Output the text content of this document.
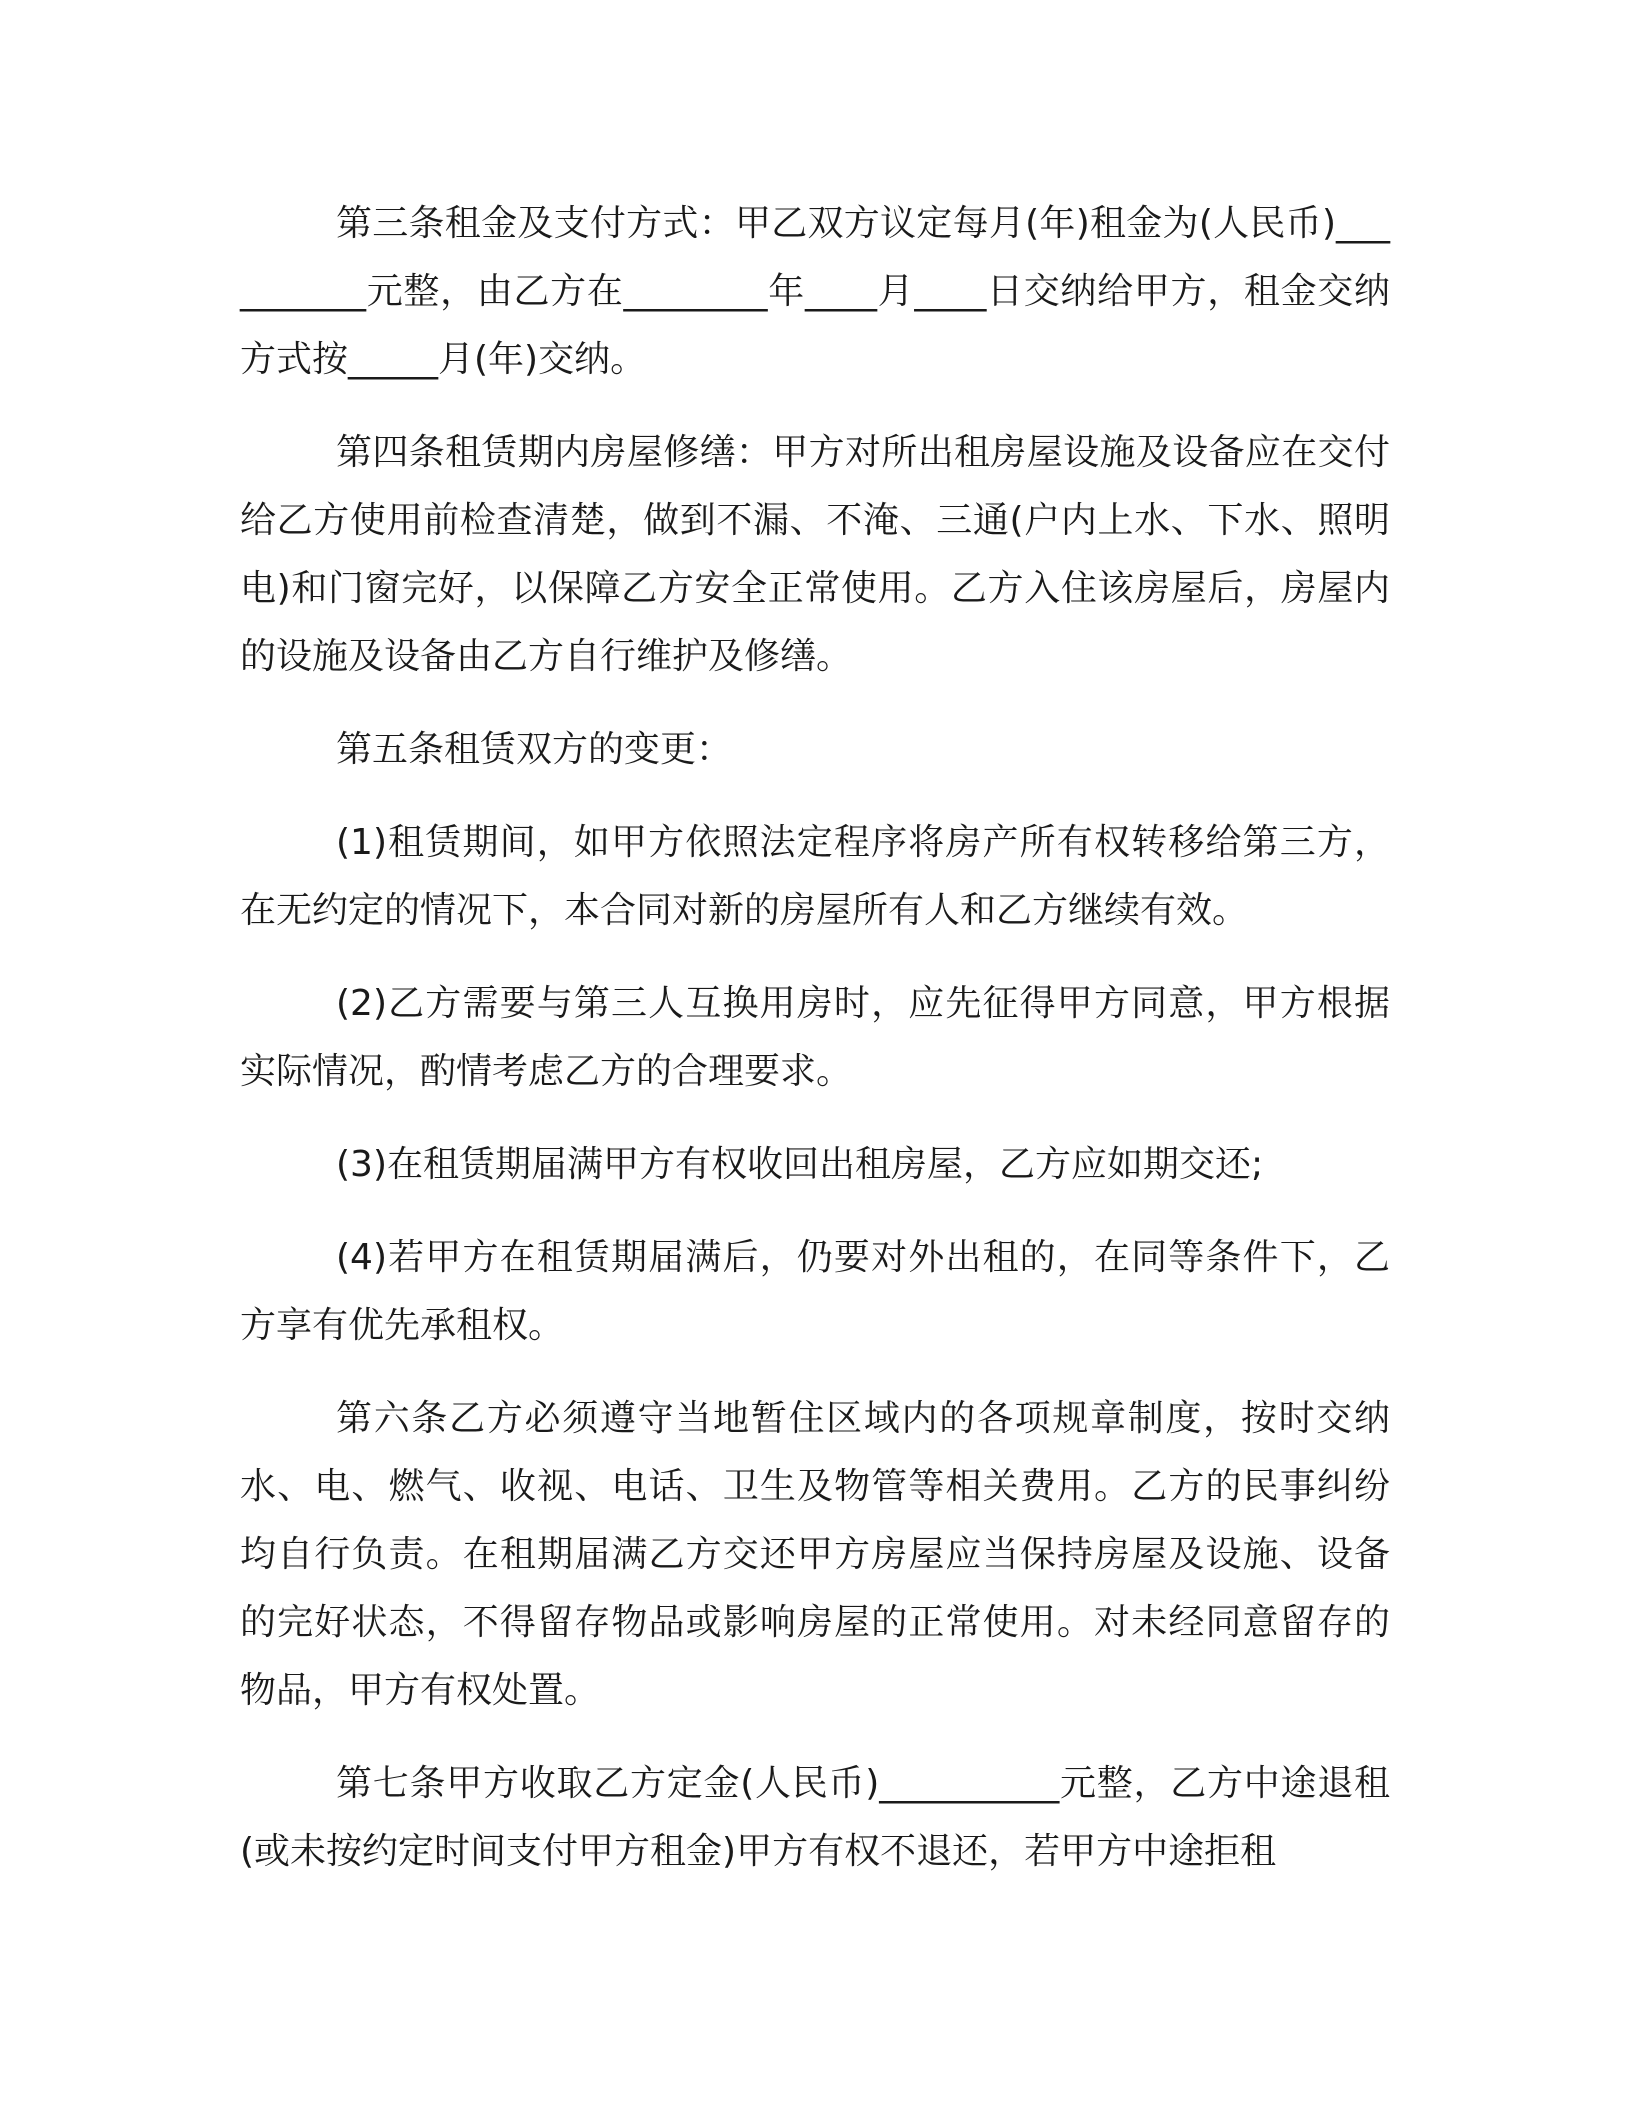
第三条租金及支付方式：甲乙双方议定每月(年)租金为(人民币)__________元整，由乙方在________年____月____日交纳给甲方，租金交纳方式按_____月(年)交纳。

第四条租赁期内房屋修缮：甲方对所出租房屋设施及设备应在交付给乙方使用前检查清楚，做到不漏、不淹、三通(户内上水、下水、照明电)和门窗完好，以保障乙方安全正常使用。乙方入住该房屋后，房屋内的设施及设备由乙方自行维护及修缮。

第五条租赁双方的变更：

(1)租赁期间，如甲方依照法定程序将房产所有权转移给第三方，在无约定的情况下，本合同对新的房屋所有人和乙方继续有效。

(2)乙方需要与第三人互换用房时，应先征得甲方同意，甲方根据实际情况，酌情考虑乙方的合理要求。

(3)在租赁期届满甲方有权收回出租房屋，乙方应如期交还;

(4)若甲方在租赁期届满后，仍要对外出租的，在同等条件下，乙方享有优先承租权。

第六条乙方必须遵守当地暂住区域内的各项规章制度，按时交纳水、电、燃气、收视、电话、卫生及物管等相关费用。乙方的民事纠纷均自行负责。在租期届满乙方交还甲方房屋应当保持房屋及设施、设备的完好状态，不得留存物品或影响房屋的正常使用。对未经同意留存的物品，甲方有权处置。

第七条甲方收取乙方定金(人民币)__________元整，乙方中途退租(或未按约定时间支付甲方租金)甲方有权不退还，若甲方中途拒租
